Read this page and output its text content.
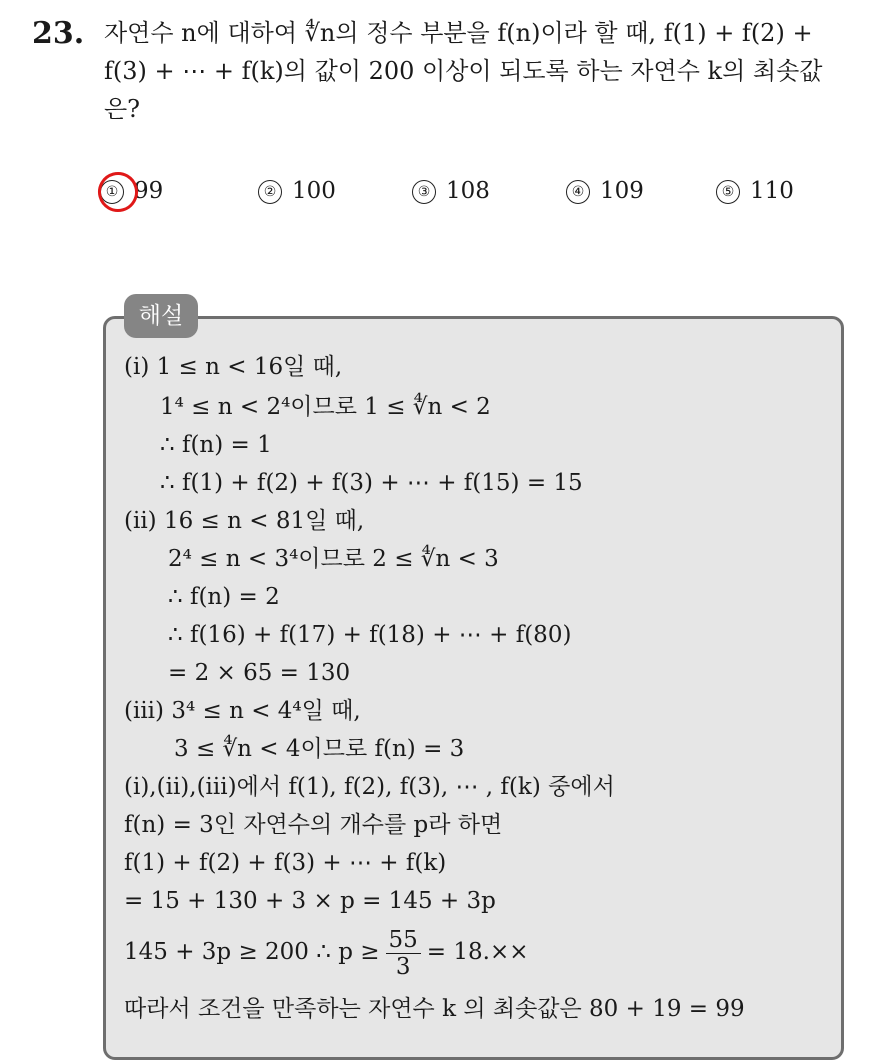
23. 자연수 n에 대하여 ∜n의 정수 부분을 f(n)이라 할 때, f(1) + f(2) +
f(3) + ⋯ + f(k)의 값이 200 이상이 되도록 하는 자연수 k의 최솟값
은?
① 99	② 100	③ 108	④ 109	⑤ 110
해설
(i) 1 ≤ n < 16일 때,
1⁴ ≤ n < 2⁴이므로 1 ≤ ∜n < 2
∴ f(n) = 1
∴ f(1) + f(2) + f(3) + ⋯ + f(15) = 15
(ii) 16 ≤ n < 81일 때,
2⁴ ≤ n < 3⁴이므로 2 ≤ ∜n < 3
∴ f(n) = 2
∴ f(16) + f(17) + f(18) + ⋯ + f(80)
= 2 × 65 = 130
(iii) 3⁴ ≤ n < 4⁴일 때,
3 ≤ ∜n < 4이므로 f(n) = 3
(i),(ii),(iii)에서 f(1), f(2), f(3), ⋯ , f(k) 중에서
f(n) = 3인 자연수의 개수를 p라 하면
f(1) + f(2) + f(3) + ⋯ + f(k)
= 15 + 130 + 3 × p = 145 + 3p
145 + 3p ≥ 200 ∴ $p \ge \frac{55}{3} = 18.\times\times$
따라서 조건을 만족하는 자연수 k 의 최솟값은 80 + 19 = 99
